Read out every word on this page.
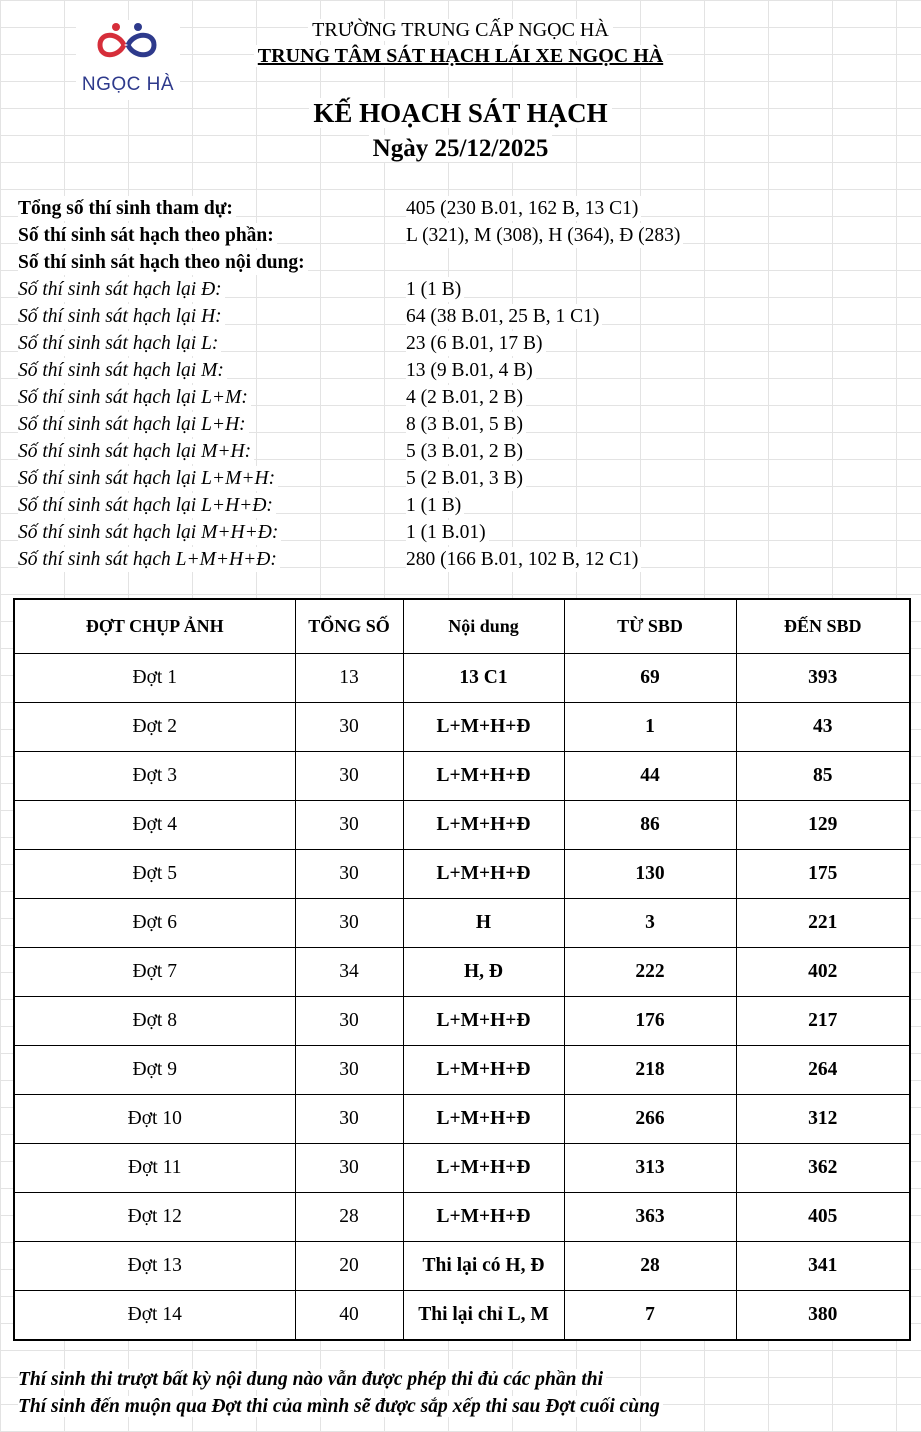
NGỌC HÀ
TRƯỜNG TRUNG CẤP NGỌC HÀ
TRUNG TÂM SÁT HẠCH LÁI XE NGỌC HÀ
KẾ HOẠCH SÁT HẠCH
Ngày 25/12/2025
Tổng số thí sinh tham dự:	405 (230 B.01, 162 B, 13 C1)
Số thí sinh sát hạch theo phần:	L (321), M (308), H (364), Đ (283)
Số thí sinh sát hạch theo nội dung:
Số thí sinh sát hạch lại Đ:	1 (1 B)
Số thí sinh sát hạch lại H:	64 (38 B.01, 25 B, 1 C1)
Số thí sinh sát hạch lại L:	23 (6 B.01, 17 B)
Số thí sinh sát hạch lại M:	13 (9 B.01, 4 B)
Số thí sinh sát hạch lại L+M:	4 (2 B.01, 2 B)
Số thí sinh sát hạch lại L+H:	8 (3 B.01, 5 B)
Số thí sinh sát hạch lại M+H:	5 (3 B.01, 2 B)
Số thí sinh sát hạch lại L+M+H:	5 (2 B.01, 3 B)
Số thí sinh sát hạch lại L+H+Đ:	1 (1 B)
Số thí sinh sát hạch lại M+H+Đ:	1 (1 B.01)
Số thí sinh sát hạch L+M+H+Đ:	280 (166 B.01, 102 B, 12 C1)
ĐỢT CHỤP ẢNH	TỔNG SỐ	Nội dung	TỪ SBD	ĐẾN SBD
Đợt 1	13	13 C1	69	393
Đợt 2	30	L+M+H+Đ	1	43
Đợt 3	30	L+M+H+Đ	44	85
Đợt 4	30	L+M+H+Đ	86	129
Đợt 5	30	L+M+H+Đ	130	175
Đợt 6	30	H	3	221
Đợt 7	34	H, Đ	222	402
Đợt 8	30	L+M+H+Đ	176	217
Đợt 9	30	L+M+H+Đ	218	264
Đợt 10	30	L+M+H+Đ	266	312
Đợt 11	30	L+M+H+Đ	313	362
Đợt 12	28	L+M+H+Đ	363	405
Đợt 13	20	Thi lại có H, Đ	28	341
Đợt 14	40	Thi lại chỉ L, M	7	380
Thí sinh thi trượt bất kỳ nội dung nào vẫn được phép thi đủ các phần thi
Thí sinh đến muộn qua Đợt thi của mình sẽ được sắp xếp thi sau Đợt cuối cùng
